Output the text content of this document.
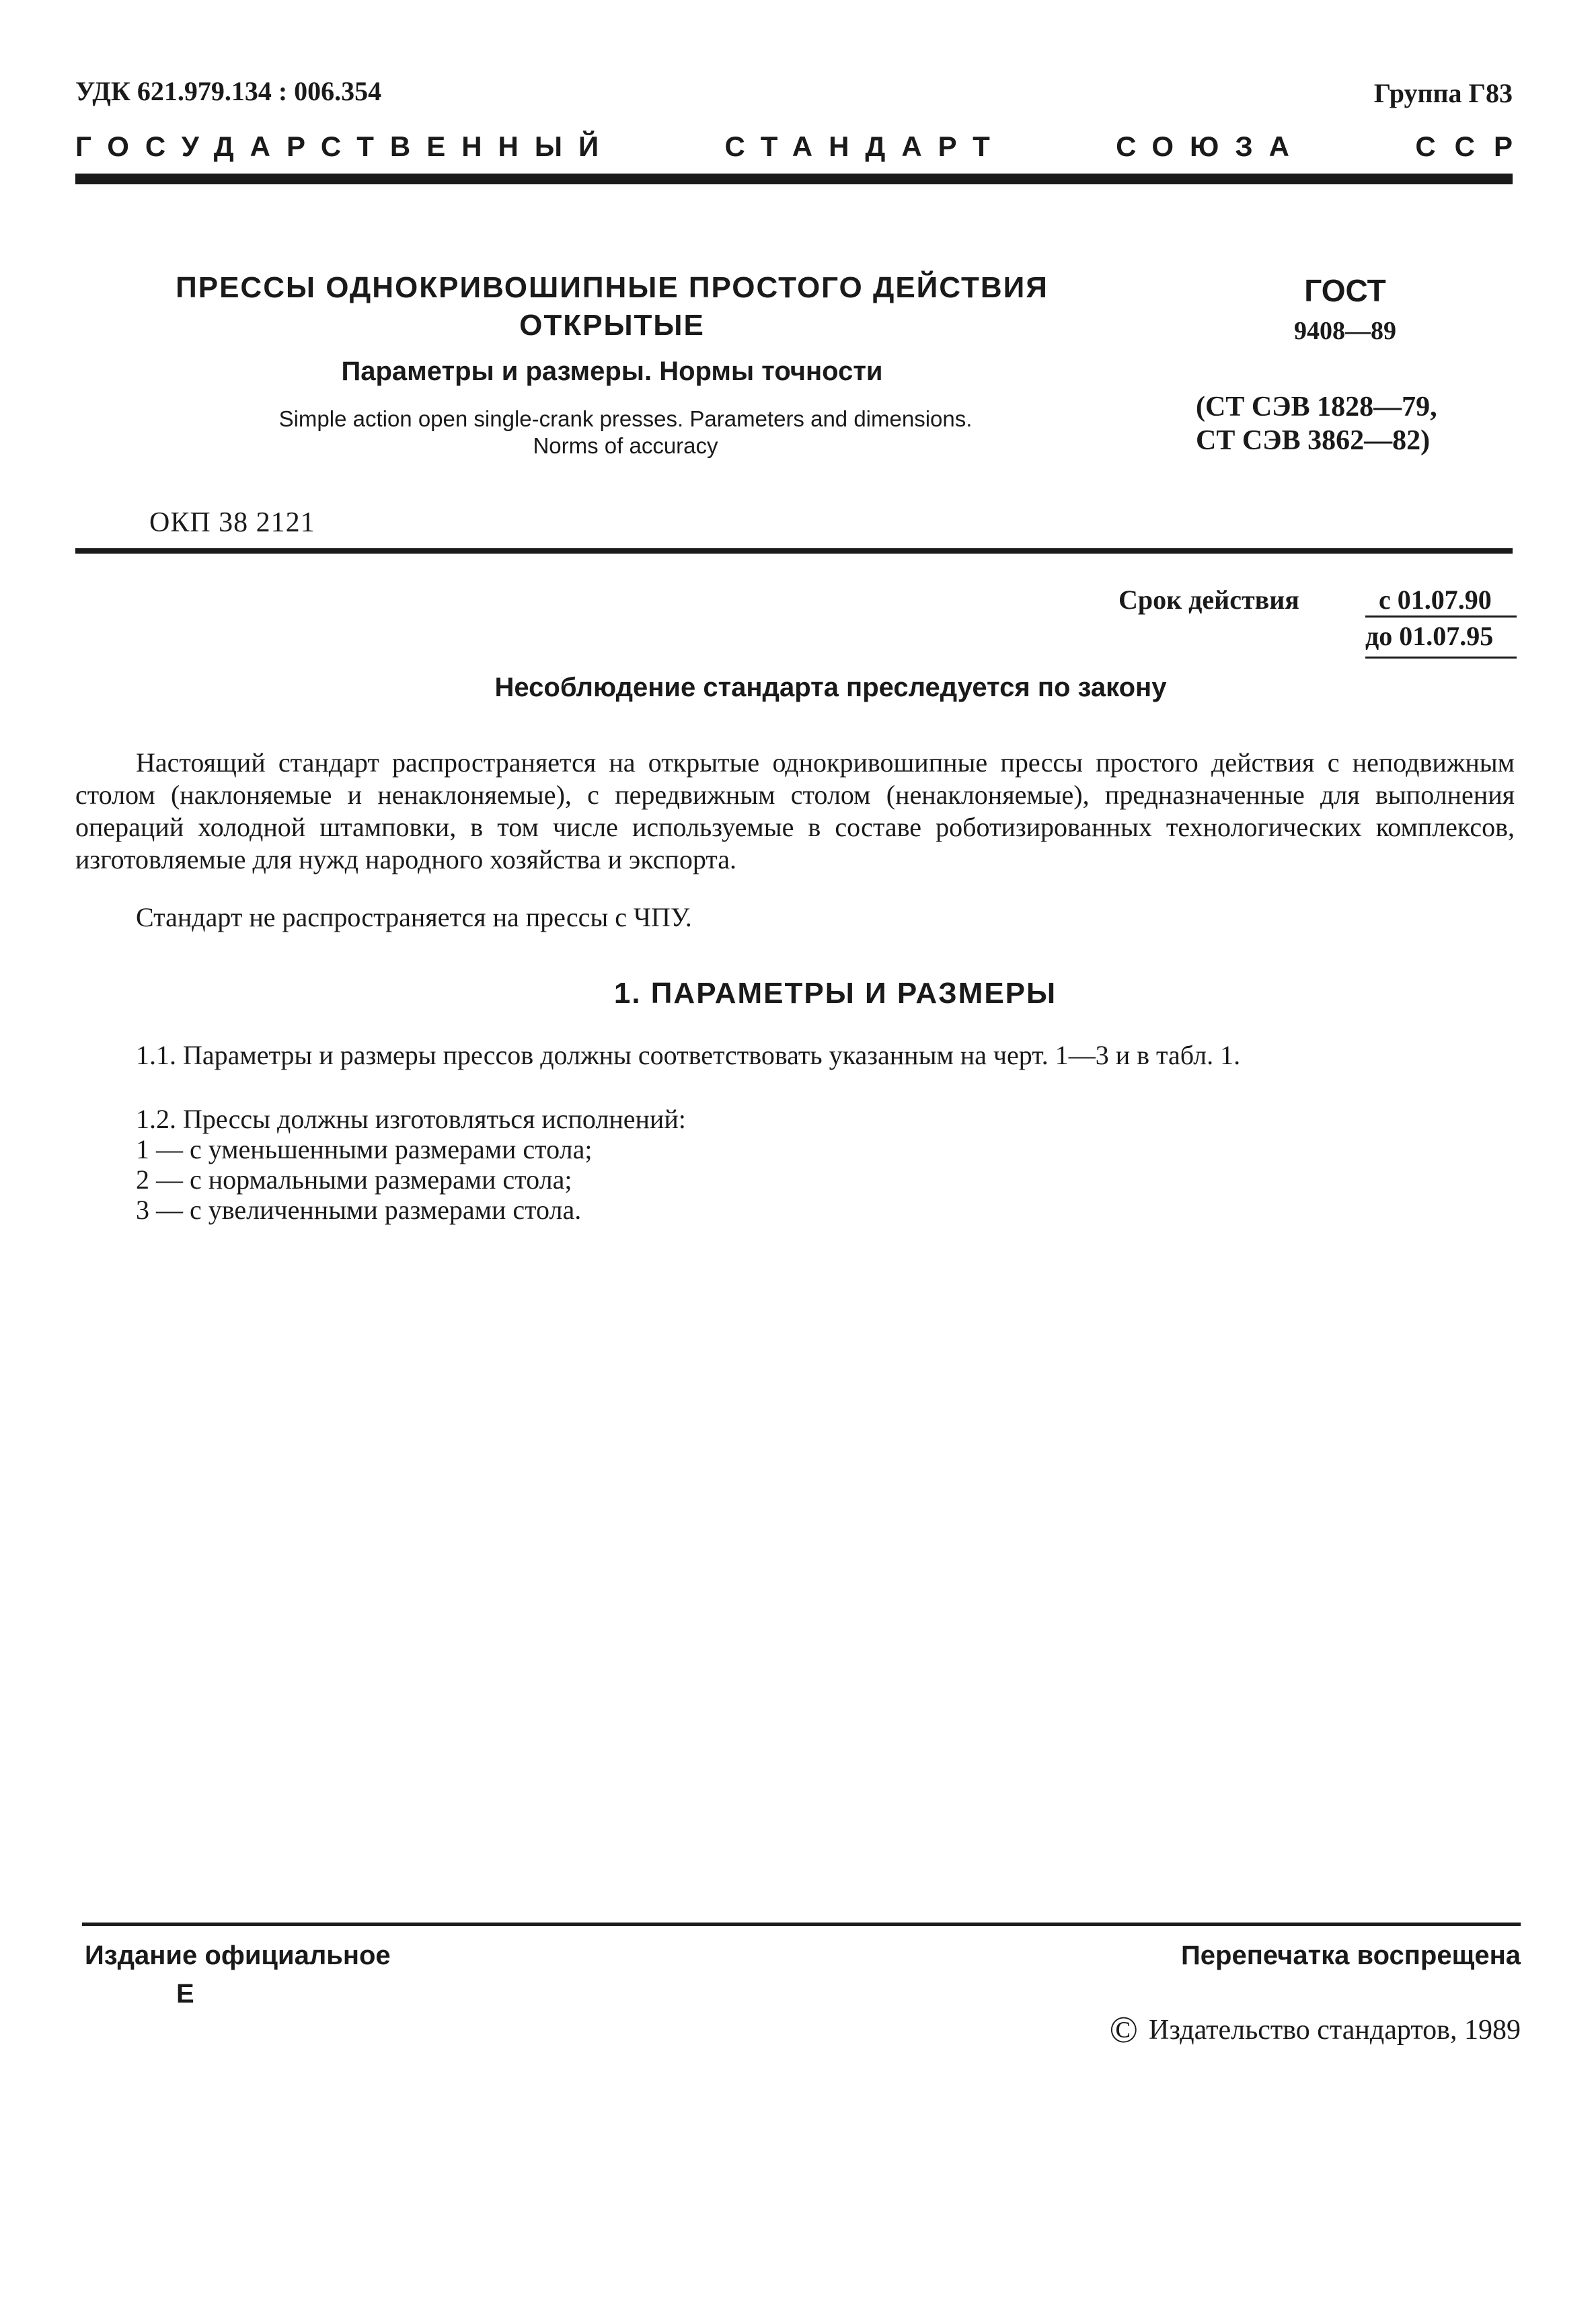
УДК 621.979.134 : 006.354	Группа Г83
ГОСУДАРСТВЕННЫЙ	СТАНДАРТ	СОЮЗА	ССР
ПРЕССЫ ОДНОКРИВОШИПНЫЕ ПРОСТОГО ДЕЙСТВИЯ
ОТКРЫТЫЕ
Параметры и размеры. Нормы точности
Simple action open single-crank presses. Parameters and dimensions.
Norms of accuracy
ГОСТ
9408—89
(СТ СЭВ 1828—79,
СТ СЭВ 3862—82)
ОКП 38 2121
Срок действия	с 01.07.90
до 01.07.95
Несоблюдение стандарта преследуется по закону
Настоящий стандарт распространяется на открытые однокривошипные прессы простого действия с неподвижным столом (наклоняемые и ненаклоняемые), с передвижным столом (ненаклоняемые), предназначенные для выполнения операций холодной штамповки, в том числе используемые в составе роботизированных технологических комплексов, изготовляемые для нужд народного хозяйства и экспорта.
Стандарт не распространяется на прессы с ЧПУ.
1. ПАРАМЕТРЫ И РАЗМЕРЫ
1.1. Параметры и размеры прессов должны соответствовать указанным на черт. 1—3 и в табл. 1.
1.2. Прессы должны изготовляться исполнений:
1 — с уменьшенными размерами стола;
2 — с нормальными размерами стола;
3 — с увеличенными размерами стола.
Издание официальное
Е
Перепечатка воспрещена
© Издательство стандартов, 1989
